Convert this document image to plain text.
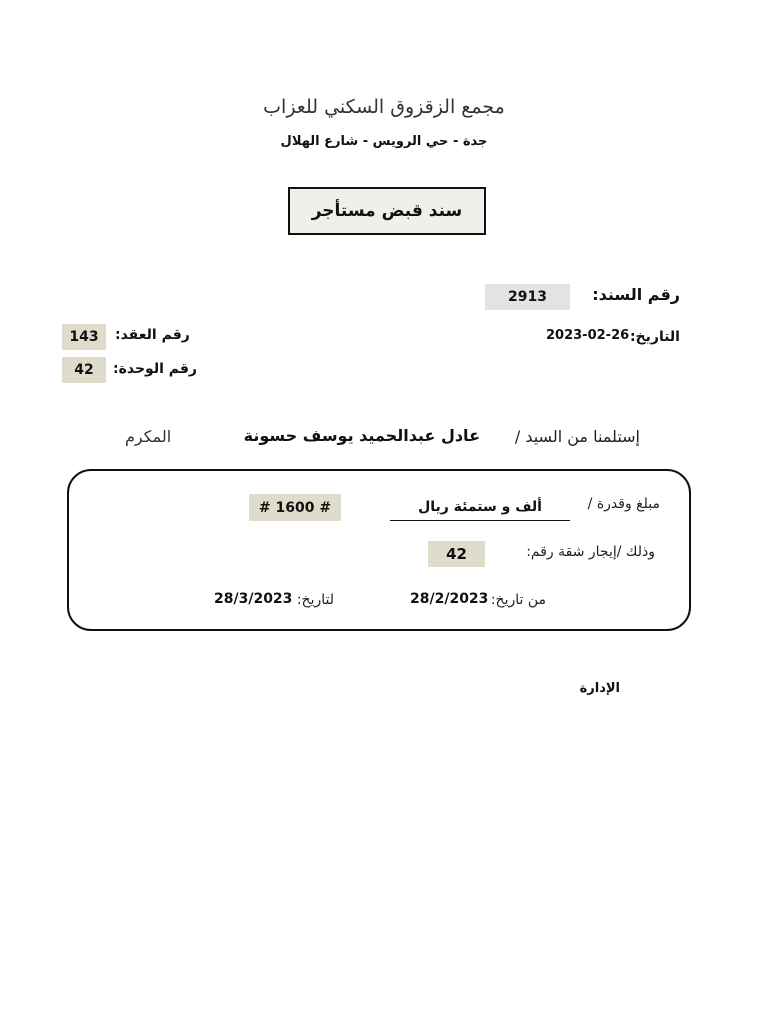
مجمع الزقزوق السكني للعزاب
جدة - حي الرويس - شارع الهلال
سند قبض مستأجر
رقم السند:
2913
التاريخ:
2023-02-26
رقم العقد:
143
رقم الوحدة:
42
إستلمنا من السيد /
عادل عبدالحميد يوسف حسونة
المكرم
مبلغ وقدرة /
ألف و ستمئة ريال
# 1600 #
وذلك /إيجار شقة رقم:
42
من تاريخ:
28/2/2023
لتاريخ:
28/3/2023
الإدارة
